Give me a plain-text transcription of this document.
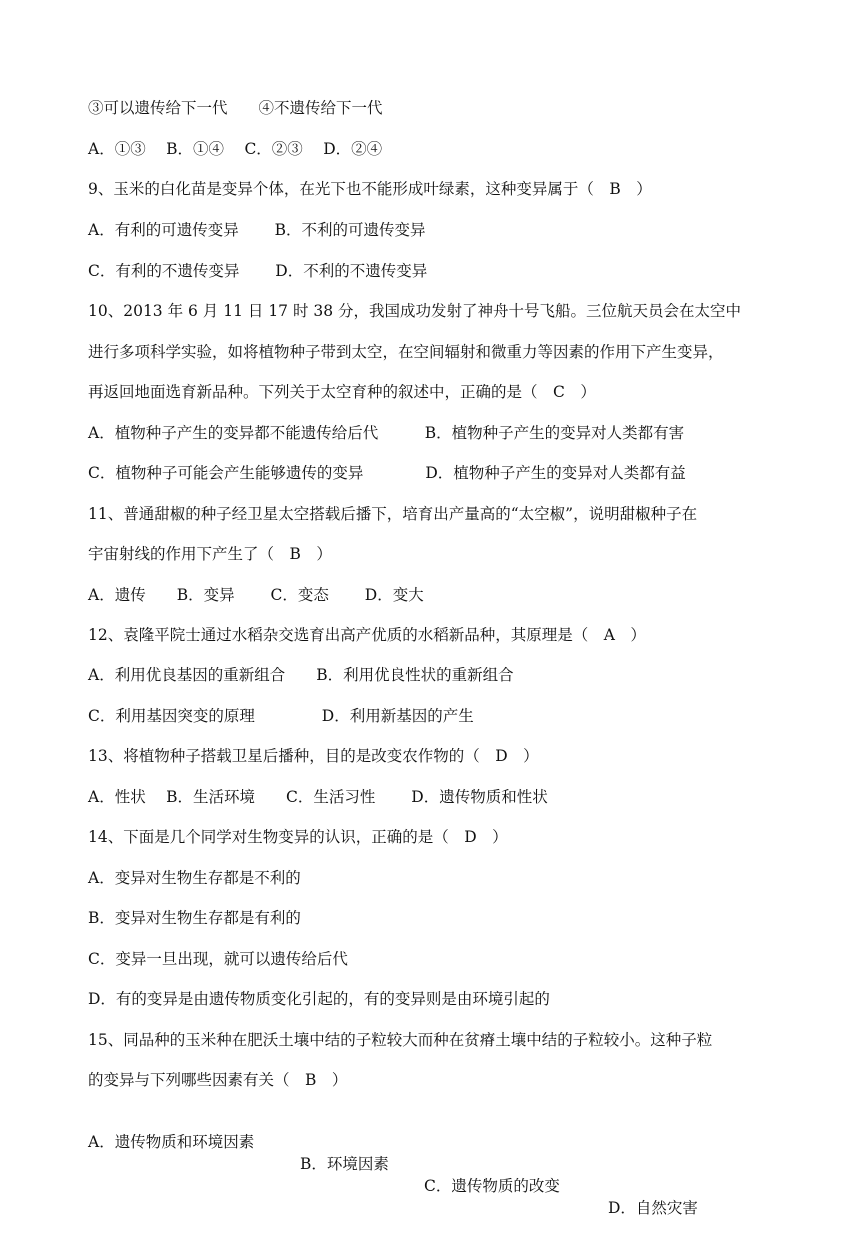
③可以遗传给下一代　　④不遗传给下一代
A．①③　 B．①④　 C．②③　 D．②④
9、玉米的白化苗是变异个体，在光下也不能形成叶绿素，这种变异属于（　B　）
A．有利的可遗传变异　　 B．不利的可遗传变异
C．有利的不遗传变异　　 D．不利的不遗传变异
10、2013 年 6 月 11 日 17 时 38 分，我国成功发射了神舟十号飞船。三位航天员会在太空中
进行多项科学实验，如将植物种子带到太空，在空间辐射和微重力等因素的作用下产生变异，
再返回地面选育新品种。下列关于太空育种的叙述中，正确的是（　C　）
A．植物种子产生的变异都不能遗传给后代　　　B．植物种子产生的变异对人类都有害
C．植物种子可能会产生能够遗传的变异　　　　D．植物种子产生的变异对人类都有益
11、普通甜椒的种子经卫星太空搭载后播下，培育出产量高的“太空椒”，说明甜椒种子在
宇宙射线的作用下产生了（　B　）
A．遗传　　B．变异　　 C．变态　　 D．变大
12、袁隆平院士通过水稻杂交选育出高产优质的水稻新品种，其原理是（　A　）
A．利用优良基因的重新组合　　B．利用优良性状的重新组合
C．利用基因突变的原理　　　　 D．利用新基因的产生
13、将植物种子搭载卫星后播种，目的是改变农作物的（　D　）
A．性状　 B．生活环境　　C．生活习性　　 D．遗传物质和性状
14、下面是几个同学对生物变异的认识，正确的是（　D　）
A．变异对生物生存都是不利的
B．变异对生物生存都是有利的
C．变异一旦出现，就可以遗传给后代
D．有的变异是由遗传物质变化引起的，有的变异则是由环境引起的
15、同品种的玉米种在肥沃土壤中结的子粒较大而种在贫瘠土壤中结的子粒较小。这种子粒
的变异与下列哪些因素有关（　B　）

A．遗传物质和环境因素

B．环境因素

C．遗传物质的改变

D．自然灾害
